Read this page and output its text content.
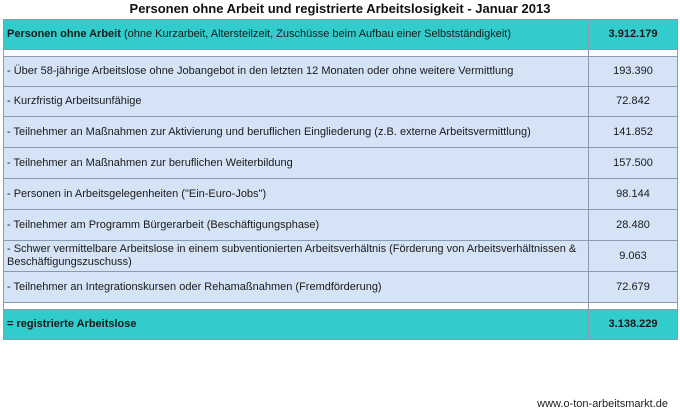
Personen ohne Arbeit und registrierte Arbeitslosigkeit - Januar 2013
Personen ohne Arbeit (ohne Kurzarbeit, Altersteilzeit, Zuschüsse beim Aufbau einer Selbstständigkeit)	3.912.179

- Über 58-jährige Arbeitslose ohne Jobangebot in den letzten 12 Monaten oder ohne weitere Vermittlung	193.390
- Kurzfristig Arbeitsunfähige	72.842
- Teilnehmer an Maßnahmen zur Aktivierung und beruflichen Eingliederung (z.B. externe Arbeitsvermittlung)	141.852
- Teilnehmer an Maßnahmen zur beruflichen Weiterbildung	157.500
- Personen in Arbeitsgelegenheiten ("Ein-Euro-Jobs")	98.144
- Teilnehmer am Programm Bürgerarbeit (Beschäftigungsphase)	28.480
- Schwer vermittelbare Arbeitslose in einem subventionierten Arbeitsverhältnis (Förderung von Arbeitsverhältnissen & Beschäftigungszuschuss)	9.063
- Teilnehmer an Integrationskursen oder Rehamaßnahmen (Fremdförderung)	72.679

= registrierte Arbeitslose	3.138.229
www.o-ton-arbeitsmarkt.de
